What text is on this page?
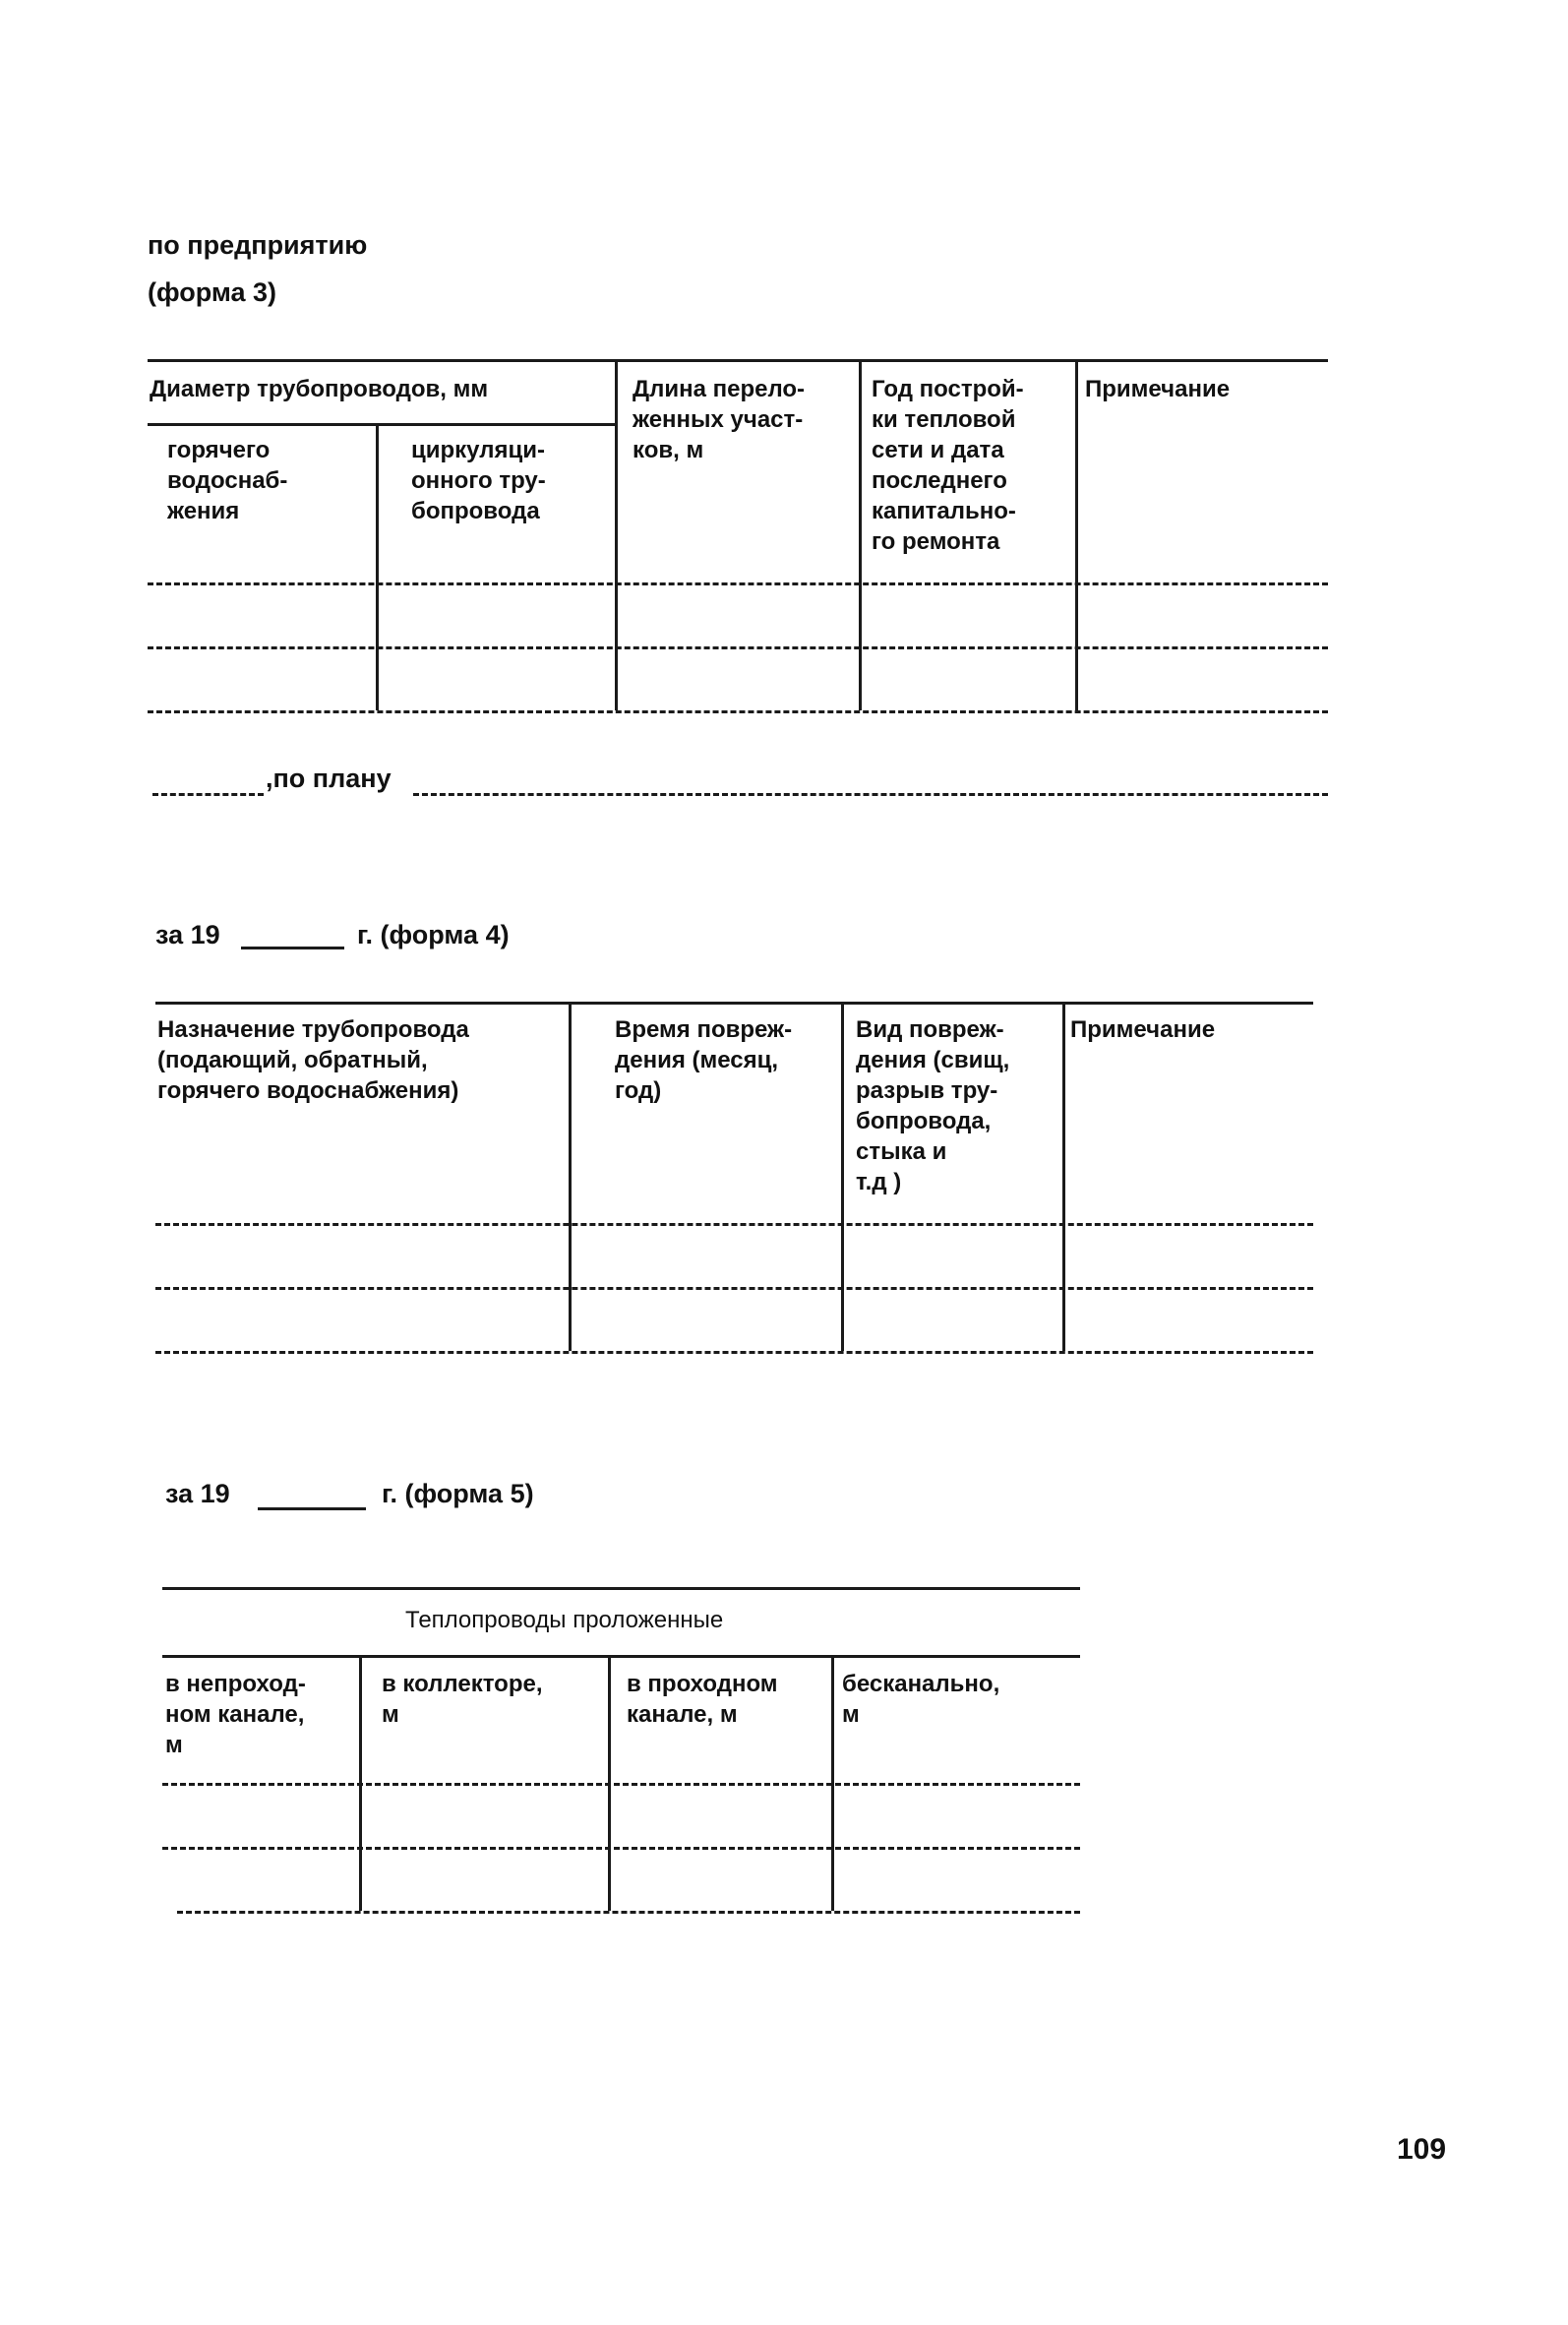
по предприятию
(форма 3)
Диаметр трубопроводов, мм
горячего
водоснаб-
жения
циркуляци-
онного тру-
бопровода
Длина перело-
женных участ-
ков, м
Год построй-
ки тепловой
сети и дата
последнего
капитально-
го ремонта
Примечание
,по плану
за 19	г. (форма 4)
Назначение трубопровода
(подающий, обратный,
горячего водоснабжения)
Время повреж-
дения (месяц,
год)
Вид повреж-
дения (свищ,
разрыв тру-
бопровода,
стыка и
т.д )
Примечание
за 19	г. (форма 5)
Теплопроводы проложенные
в непроход-
ном канале,
м
в коллекторе,
м
в проходном
канале, м
бесканально,
м
109
